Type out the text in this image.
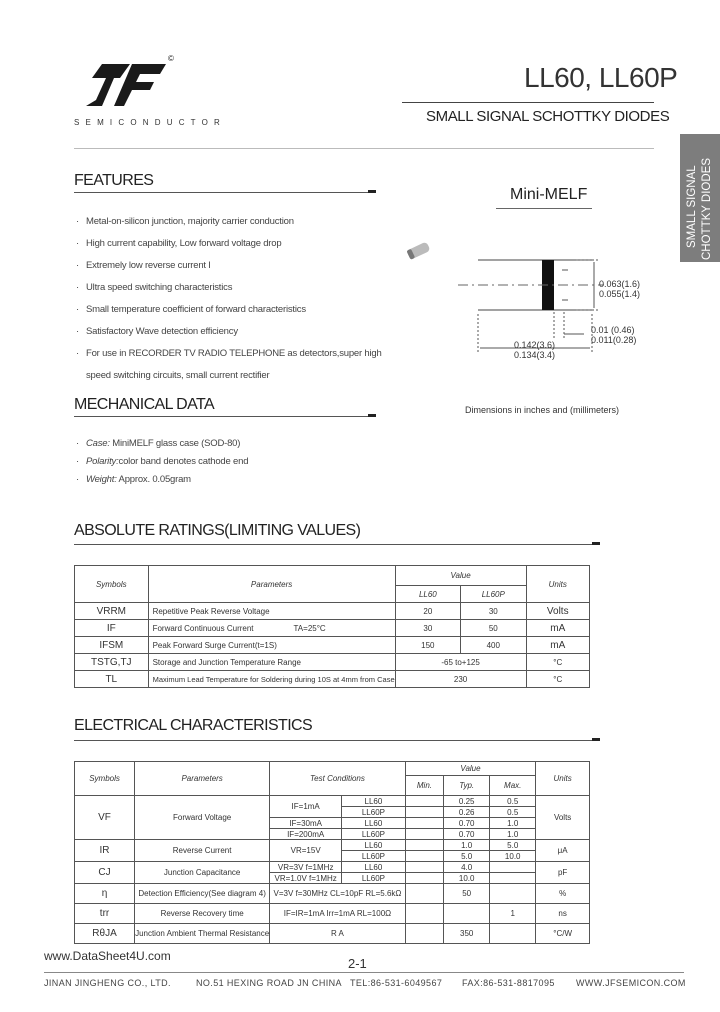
©
SEMICONDUCTOR
LL60, LL60P
SMALL SIGNAL SCHOTTKY DIODES
SMALL SIGNAL CHOTTKY DIODES
FEATURES
· Metal-on-silicon junction, majority carrier conduction
· High current capability, Low forward voltage drop
· Extremely low reverse current I
· Ultra speed switching characteristics
· Small temperature coefficient of forward characteristics
· Satisfactory Wave detection efficiency
· For use in RECORDER TV RADIO TELEPHONE as detectors,super high
speed switching circuits, small current rectifier
Mini-MELF
0.063(1.6)
0.055(1.4)
0.01 (0.46)
0.011(0.28)
0.142(3.6)
0.134(3.4)
Dimensions in inches and (millimeters)
MECHANICAL DATA
· Case: MiniMELF glass case (SOD-80)
· Polarity:color band denotes cathode end
· Weight: Approx. 0.05gram
ABSOLUTE RATINGS(LIMITING VALUES)
Symbols	Parameters	Value		Units
		LL60	LL60P	
VRRM	Repetitive Peak Reverse Voltage	20	30	Volts
IF	Forward Continuous Current TA=25°C	30	50	mA
IFSM	Peak Forward Surge Current(t=1S)	150	400	mA
TSTG,TJ	Storage and Junction Temperature Range	-65 to+125		°C
TL	Maximum Lead Temperature for Soldering during 10S at 4mm from Case	230		°C
ELECTRICAL CHARACTERISTICS
Symbols	Parameters	Test Conditions		Value			Units
				Min.	Typ.	Max.	
VF	Forward Voltage	IF=1mA	LL60		0.25	0.5	Volts
			LL60P		0.26	0.5	
		IF=30mA	LL60		0.70	1.0	
		IF=200mA	LL60P		0.70	1.0	
IR	Reverse Current	VR=15V	LL60		1.0	5.0	μA
			LL60P		5.0	10.0	
CJ	Junction Capacitance	VR=3V f=1MHz	LL60		4.0		pF
		VR=1.0V f=1MHz	LL60P		10.0		
η	Detection Efficiency(See diagram 4)	V=3V f=30MHz CL=10pF RL=5.6kΩ			50		%
trr	Reverse Recovery time	IF=IR=1mA Irr=1mA RL=100Ω				1	ns
RθJA	Junction Ambient Thermal Resistance	R A			350		°C/W
www.DataSheet4U.com	2-1
JINAN JINGHENG CO., LTD.	NO.51 HEXING ROAD JN CHINA TEL:86-531-6049567 FAX:86-531-8817095 WWW.JFSEMICON.COM
